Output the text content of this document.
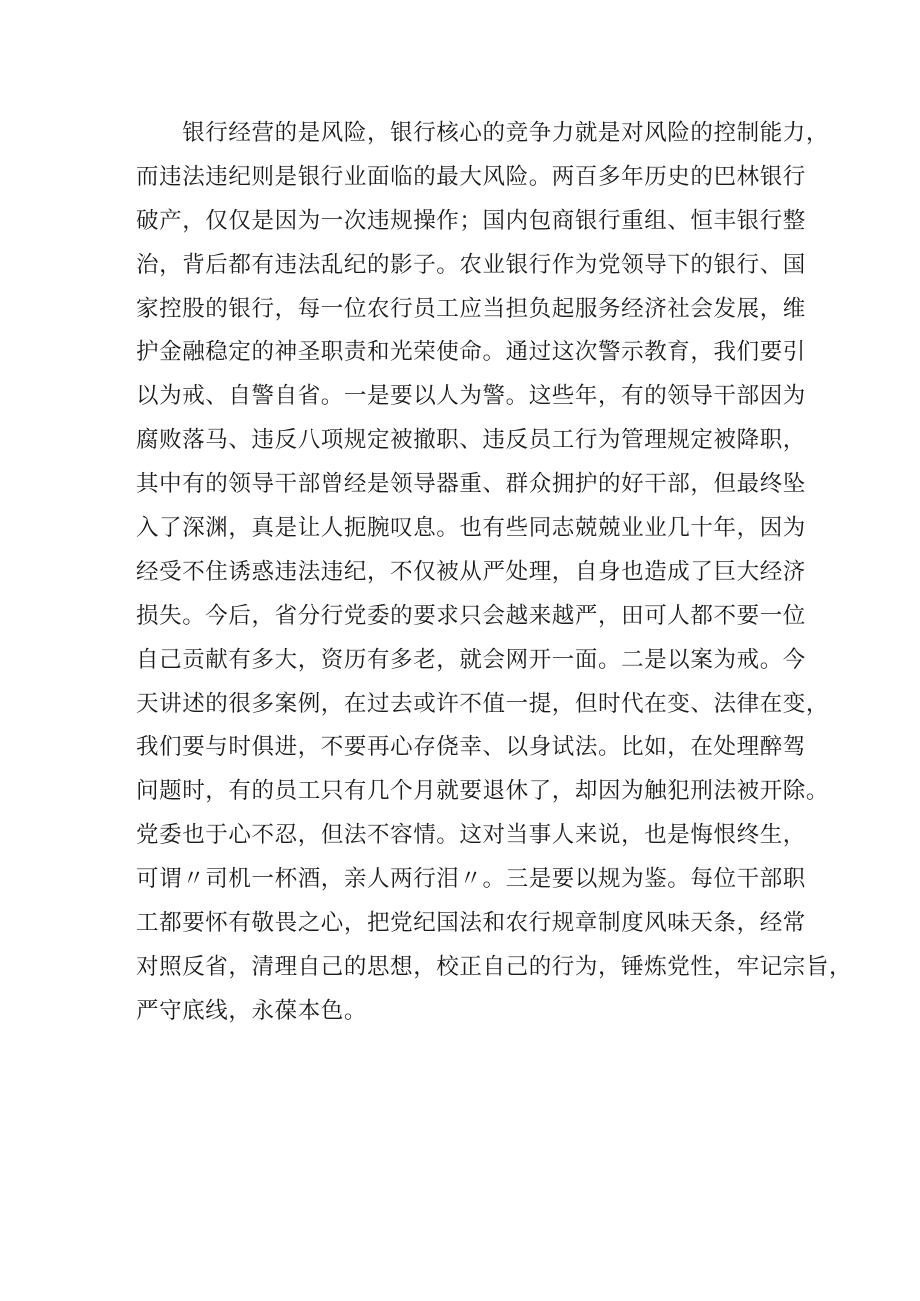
　　银行经营的是风险，银行核心的竞争力就是对风险的控制能力，
而违法违纪则是银行业面临的最大风险。两百多年历史的巴林银行
破产，仅仅是因为一次违规操作；国内包商银行重组、恒丰银行整
治，背后都有违法乱纪的影子。农业银行作为党领导下的银行、国
家控股的银行，每一位农行员工应当担负起服务经济社会发展，维
护金融稳定的神圣职责和光荣使命。通过这次警示教育，我们要引
以为戒、自警自省。一是要以人为警。这些年，有的领导干部因为
腐败落马、违反八项规定被撤职、违反员工行为管理规定被降职，
其中有的领导干部曾经是领导器重、群众拥护的好干部，但最终坠
入了深渊，真是让人扼腕叹息。也有些同志兢兢业业几十年，因为
经受不住诱惑违法违纪，不仅被从严处理，自身也造成了巨大经济
损失。今后，省分行党委的要求只会越来越严，田可人都不要一位
自己贡献有多大，资历有多老，就会网开一面。二是以案为戒。今
天讲述的很多案例，在过去或许不值一提，但时代在变、法律在变，
我们要与时俱进，不要再心存侥幸、以身试法。比如，在处理醉驾
问题时，有的员工只有几个月就要退休了，却因为触犯刑法被开除。
党委也于心不忍，但法不容情。这对当事人来说，也是悔恨终生，
可谓〃司机一杯酒，亲人两行泪〃。三是要以规为鉴。每位干部职
工都要怀有敬畏之心，把党纪国法和农行规章制度风味天条，经常
对照反省，清理自己的思想，校正自己的行为，锤炼党性，牢记宗旨，
严守底线，永葆本色。
